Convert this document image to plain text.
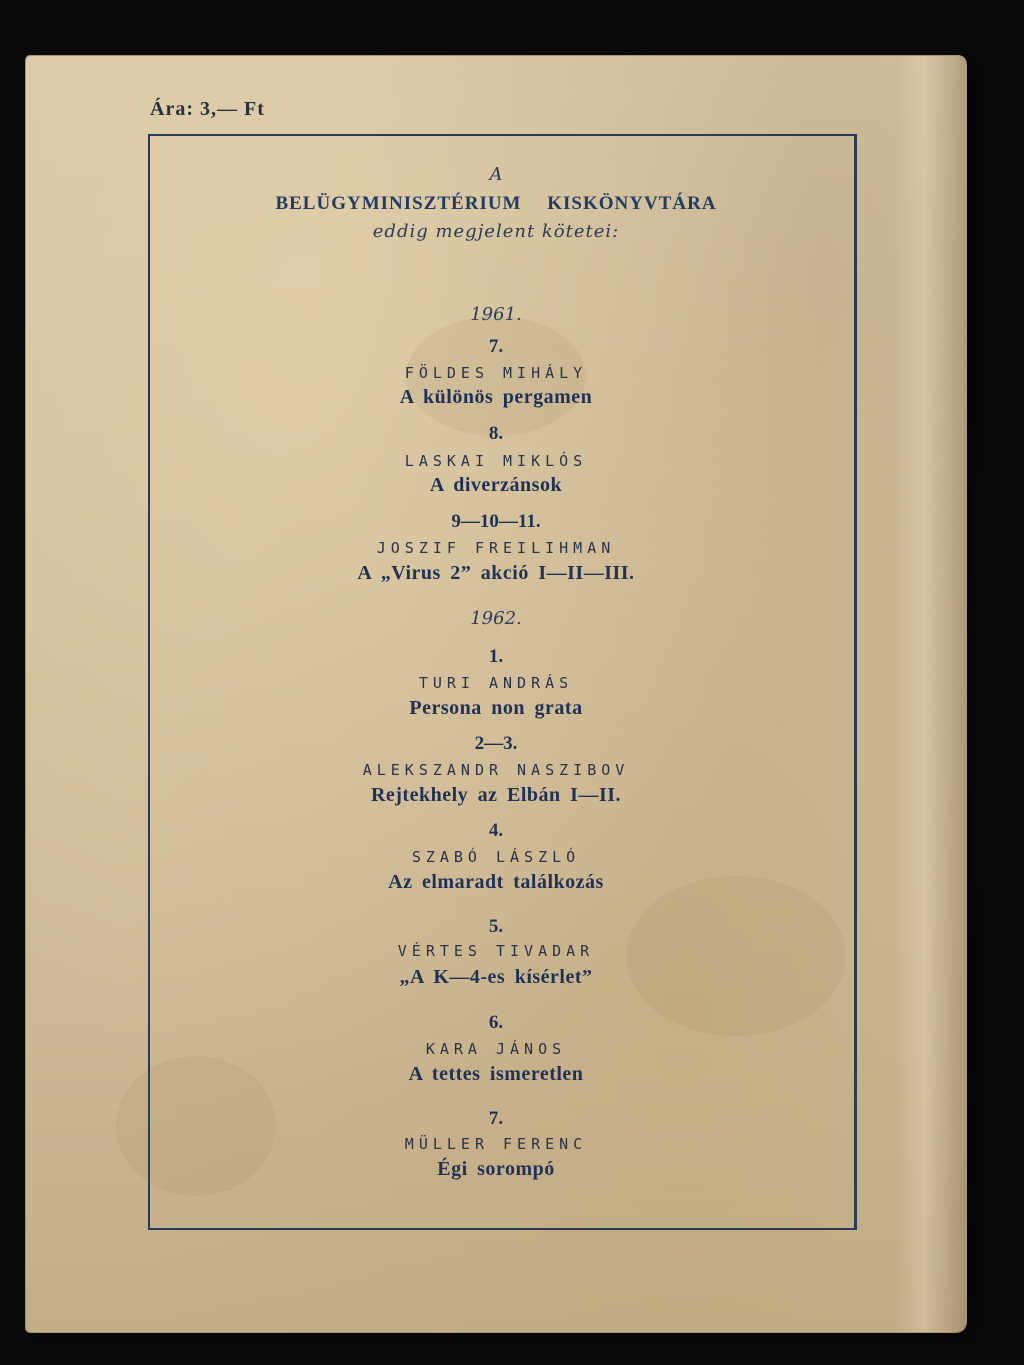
Ára: 3,— Ft
A
BELÜGYMINISZTÉRIUM KISKÖNYVTÁRA
eddig megjelent kötetei:
1961.
7.
FÖLDES MIHÁLY
A különös pergamen
8.
LASKAI MIKLÓS
A diverzánsok
9—10—11.
JOSZIF FREILIHMAN
A „Virus 2” akció I—II—III.
1962.
1.
TURI ANDRÁS
Persona non grata
2—3.
ALEKSZANDR NASZIBOV
Rejtekhely az Elbán I—II.
4.
SZABÓ LÁSZLÓ
Az elmaradt találkozás
5.
VÉRTES TIVADAR
„A K—4-es kísérlet”
6.
KARA JÁNOS
A tettes ismeretlen
7.
MÜLLER FERENC
Égi sorompó
